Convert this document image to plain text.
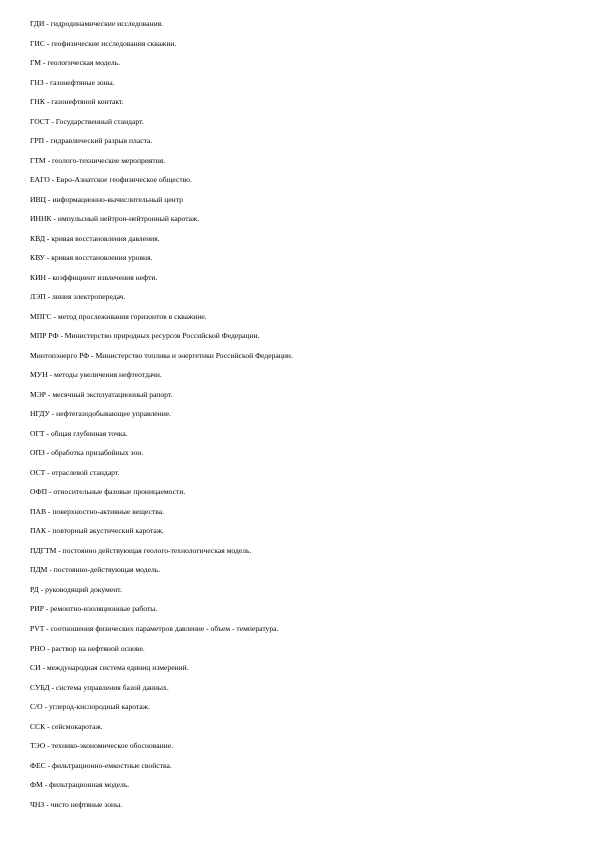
ГДИ - гидродинамические исследования.
ГИС - геофизические исследования скважин.
ГМ - геологическая модель.
ГНЗ - газонефтяные зоны.
ГНК - газонефтяной контакт.
ГОСТ - Государственный стандарт.
ГРП - гидравлический разрыв пласта.
ГТМ - геолого-технические мероприятия.
ЕАГО - Евро-Азиатское геофизическое общество.
ИВЦ - информационно-вычислительный центр
ИННК - импульсный нейтрон-нейтронный каротаж.
КВД - кривая восстановления давления.
КВУ - кривая восстановления уровня.
КИН - коэффициент извлечения нефти.
ЛЭП - линия электропередач.
МПГС - метод прослеживания горизонтов в скважине.
МПР РФ - Министерство природных ресурсов Российской Федерации.
Минтопэнерго РФ - Министерство топлива и энергетики Российской Федерации.
МУН - методы увеличения нефтеотдачи.
МЭР - месячный эксплуатационный рапорт.
НГДУ - нефтегазодобывающее управление.
ОГТ - общая глубинная точка.
ОПЗ - обработка призабойных зон.
ОСТ - отраслевой стандарт.
ОФП - относительные фазовые проницаемости.
ПАВ - поверхностно-активные вещества.
ПАК - повторный акустический каротаж.
ПДГТМ - постоянно действующая геолого-технологическая модель.
ПДМ - постоянно-действующая модель.
РД - руководящий документ.
РИР - ремонтно-изоляционные работы.
PVT - соотношения физических параметров давление - объем - температура.
РНО - раствор на нефтяной основе.
СИ - международная система единиц измерений.
СУБД - система управления базой данных.
С/О - углерод-кислородный каротаж.
ССК - сейсмокаротаж.
ТЭО - технико-экономическое обоснование.
ФЕС - фильтрационно-емкостные свойства.
ФМ - фильтрационная модель.
ЧНЗ - чисто нефтяные зоны.
